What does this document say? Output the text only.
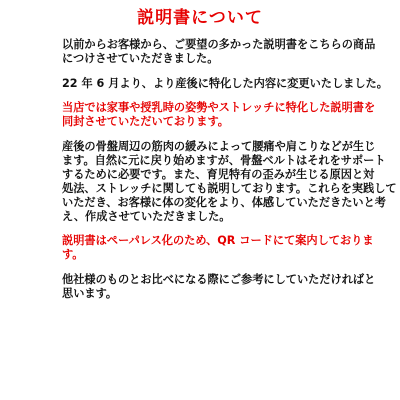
説明書について

以前からお客様から、ご要望の多かった説明書をこちらの商品

につけさせていただきました。

22 年 6 月より、より産後に特化した内容に変更いたしました。

当店では家事や授乳時の姿勢やストレッチに特化した説明書を

同封させていただいております。

産後の骨盤周辺の筋肉の緩みによって腰痛や肩こりなどが生じ

ます。自然に元に戻り始めますが、骨盤ベルトはそれをサポート

するために必要です。また、育児特有の歪みが生じる原因と対

処法、ストレッチに関しても説明しております。これらを実践して

いただき、お客様に体の変化をより、体感していただきたいと考

え、作成させていただきました。

説明書はペーパレス化のため、QR コードにて案内しておりま

す。

他社様のものとお比べになる際にご参考にしていただければと

思います。
